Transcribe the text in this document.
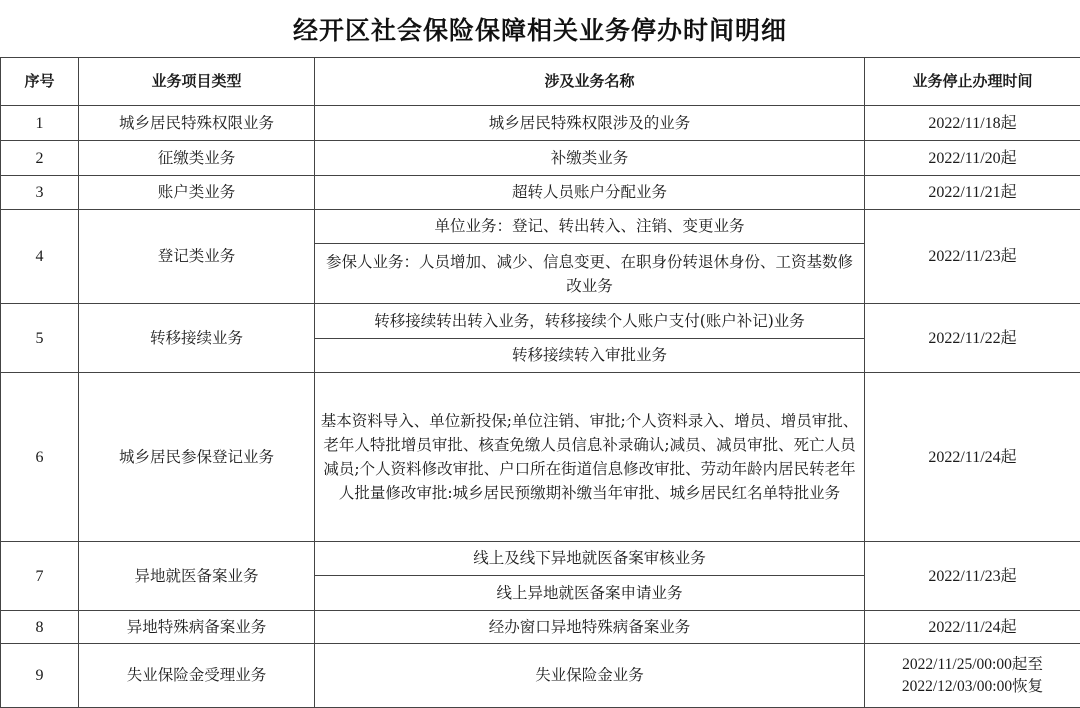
经开区社会保险保障相关业务停办时间明细
序号	业务项目类型	涉及业务名称	业务停止办理时间
1	城乡居民特殊权限业务	城乡居民特殊权限涉及的业务	2022/11/18起
2	征缴类业务	补缴类业务	2022/11/20起
3	账户类业务	超转人员账户分配业务	2022/11/21起
4	登记类业务	单位业务：登记、转出转入、注销、变更业务	2022/11/23起
		参保人业务：人员增加、减少、信息变更、在职身份转退休身份、工资基数修改业务	
5	转移接续业务	转移接续转出转入业务，转移接续个人账户支付(账户补记)业务	2022/11/22起
		转移接续转入审批业务	
6	城乡居民参保登记业务	基本资料导入、单位新投保;单位注销、审批;个人资料录入、增员、增员审批、老年人特批增员审批、核查免缴人员信息补录确认;减员、减员审批、死亡人员减员;个人资料修改审批、户口所在街道信息修改审批、劳动年龄内居民转老年人批量修改审批:城乡居民预缴期补缴当年审批、城乡居民红名单特批业务	2022/11/24起
7	异地就医备案业务	线上及线下异地就医备案审核业务	2022/11/23起
		线上异地就医备案申请业务	
8	异地特殊病备案业务	经办窗口异地特殊病备案业务	2022/11/24起
9	失业保险金受理业务	失业保险金业务	2022/11/25/00:00起至
2022/12/03/00:00恢复
